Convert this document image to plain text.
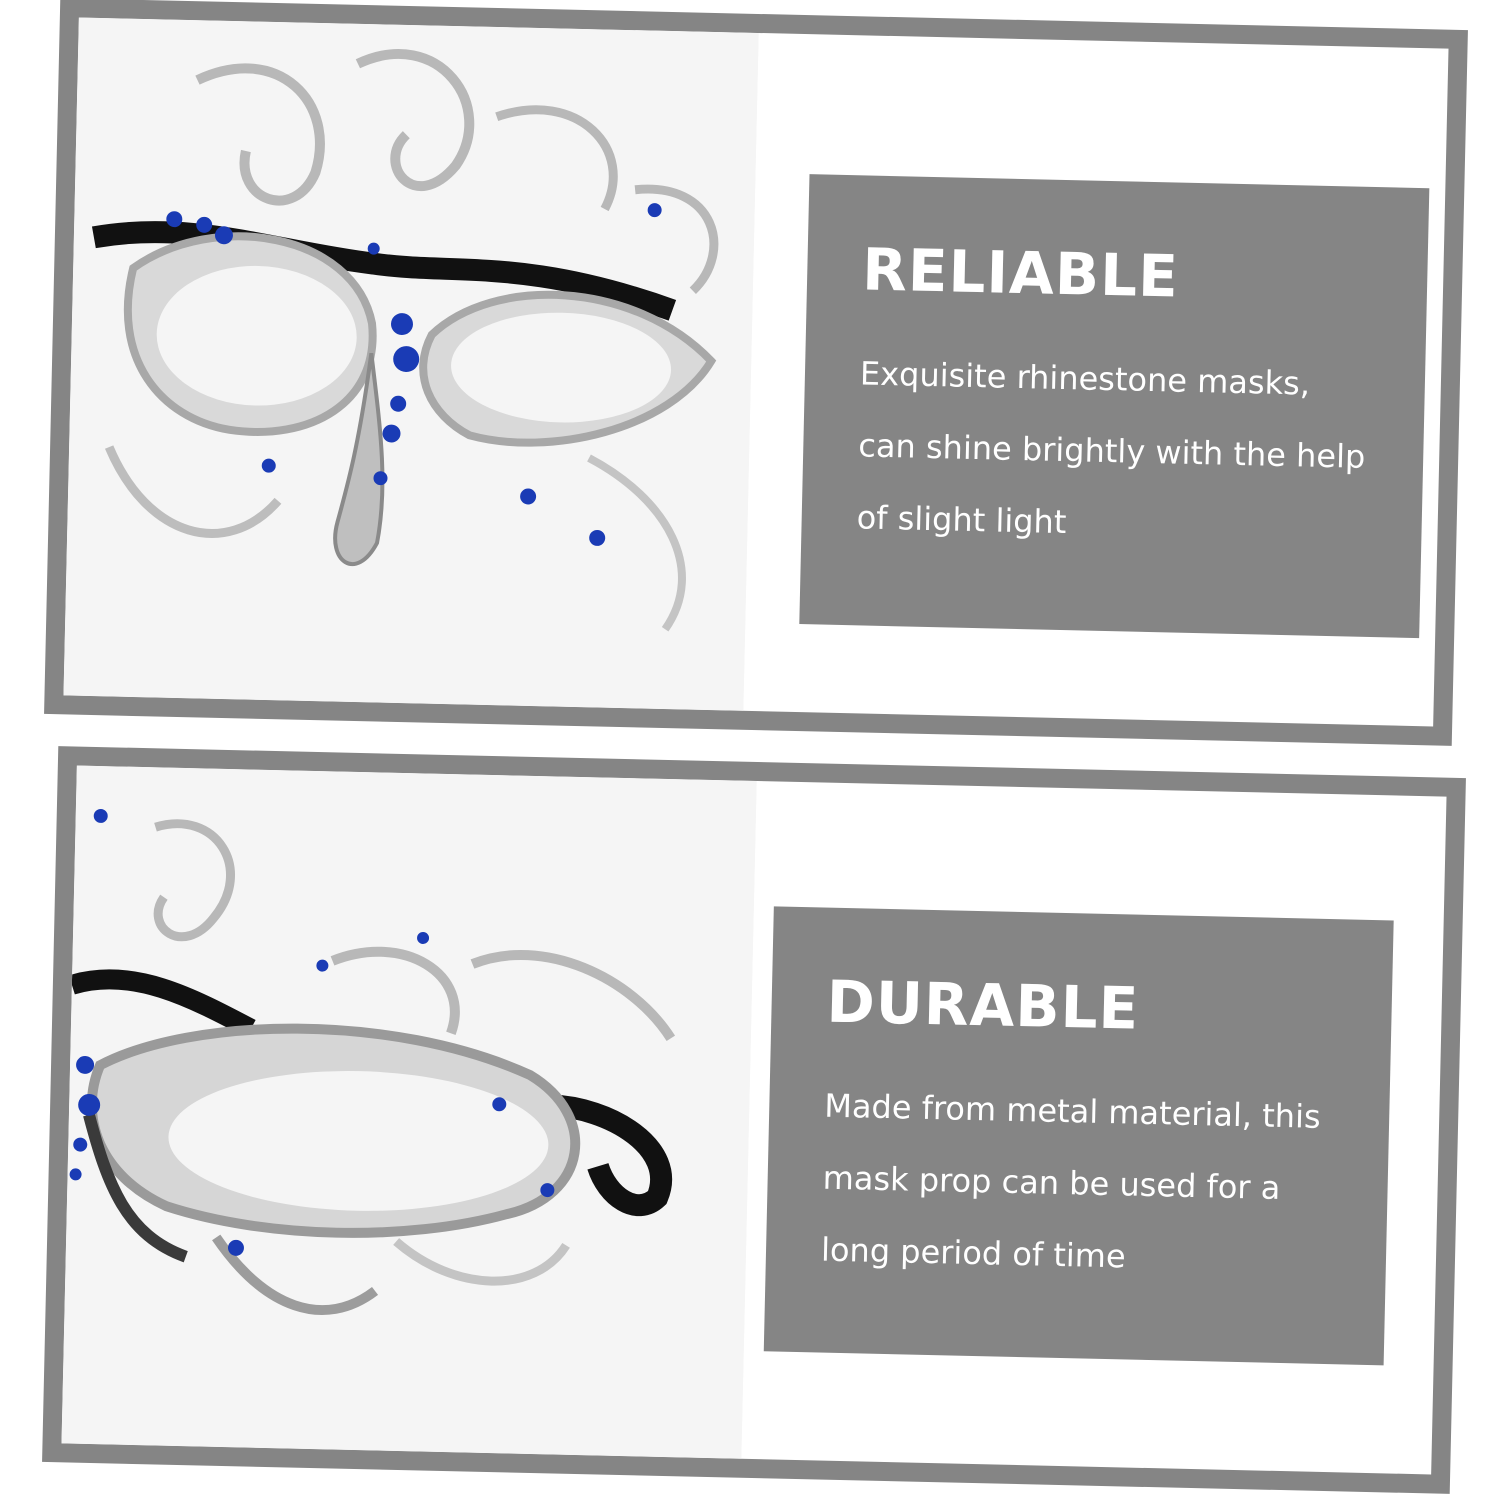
RELIABLE

Exquisite rhinestone masks, can shine brightly with the help of slight light

DURABLE

Made from metal material, this mask prop can be used for a long period of time
